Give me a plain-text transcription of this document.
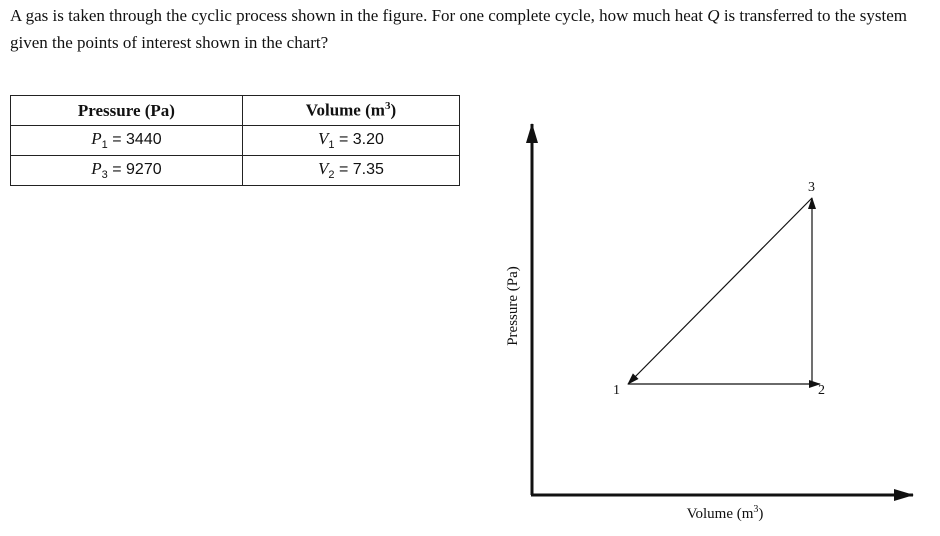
A gas is taken through the cyclic process shown in the figure. For one complete cycle, how much heat Q is transferred to the system given the points of interest shown in the chart?
Pressure (Pa)	Volume $(m^3)$
$P_1 = 3440$	$V_1 = 3.20$
$P_3 = 9270$	$V_2 = 7.35$
1	2
3
Pressure (Pa)
Volume $(m^3)$
